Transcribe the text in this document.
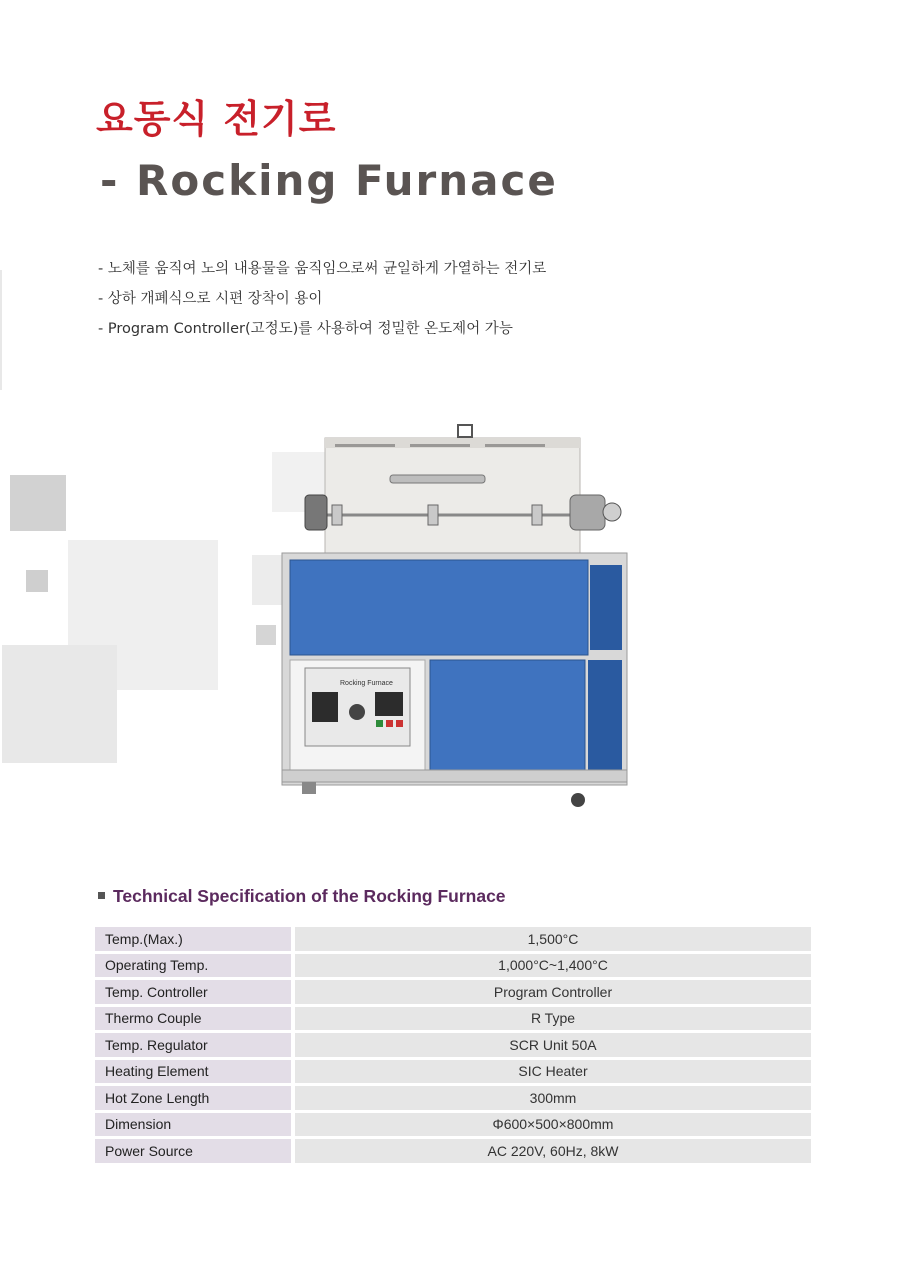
요동식 전기로
- Rocking Furnace
- 노체를 움직여 노의 내용물을 움직임으로써 균일하게 가열하는 전기로
- 상하 개폐식으로 시편 장착이 용이
- Program Controller(고정도)를 사용하여 정밀한 온도제어 가능
Rocking Furnace
Technical Specification of the Rocking Furnace
Temp.(Max.)	1,500°C
Operating Temp.	1,000°C~1,400°C
Temp. Controller	Program Controller
Thermo Couple	R Type
Temp. Regulator	SCR Unit 50A
Heating Element	SIC Heater
Hot Zone Length	300mm
Dimension	Φ600×500×800mm
Power Source	AC 220V, 60Hz, 8kW
